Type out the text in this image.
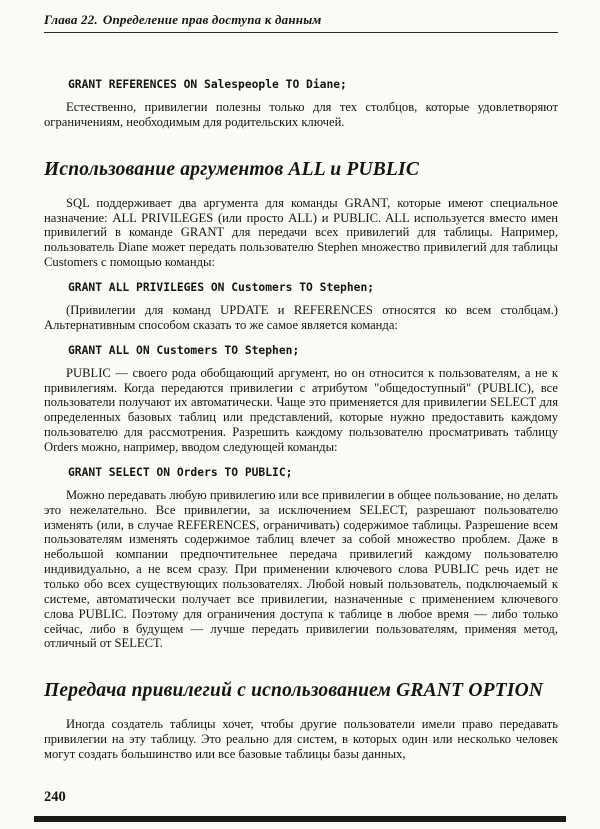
Глава 22. Определение прав доступа к данным
GRANT REFERENCES ON Salespeople TO Diane;

Естественно, привилегии полезны только для тех столбцов, которые удовлетворяют ограничениям, необходимым для родительских ключей.

Использование аргументов ALL и PUBLIC

SQL поддерживает два аргумента для команды GRANT, которые имеют специальное назначение: ALL PRIVILEGES (или просто ALL) и PUBLIC. ALL используется вместо имен привилегий в команде GRANT для передачи всех привилегий для таблицы. Например, пользователь Diane может передать пользователю Stephen множество привилегий для таблицы Customers с помощью команды:

GRANT ALL PRIVILEGES ON Customers TO Stephen;

(Привилегии для команд UPDATE и REFERENCES относятся ко всем столбцам.) Альтернативным способом сказать то же самое является команда:

GRANT ALL ON Customers TO Stephen;

PUBLIC — своего рода обобщающий аргумент, но он относится к пользователям, а не к привилегиям. Когда передаются привилегии с атрибутом "общедоступный" (PUBLIC), все пользователи получают их автоматически. Чаще это применяется для привилегии SELECT для определенных базовых таблиц или представлений, которые нужно предоставить каждому пользователю для рассмотрения. Разрешить каждому пользователю просматривать таблицу Orders можно, например, вводом следующей команды:

GRANT SELECT ON Orders TO PUBLIC;

Можно передавать любую привилегию или все привилегии в общее пользование, но делать это нежелательно. Все привилегии, за исключением SELECT, разрешают пользователю изменять (или, в случае REFERENCES, ограничивать) содержимое таблицы. Разрешение всем пользователям изменять содержимое таблиц влечет за собой множество проблем. Даже в небольшой компании предпочтительнее передача привилегий каждому пользователю индивидуально, а не всем сразу. При применении ключевого слова PUBLIC речь идет не только обо всех существующих пользователях. Любой новый пользователь, подключаемый к системе, автоматически получает все привилегии, назначенные с применением ключевого слова PUBLIC. Поэтому для ограничения доступа к таблице в любое время — либо только сейчас, либо в будущем — лучше передать привилегии пользователям, применяя метод, отличный от SELECT.

Передача привилегий с использованием GRANT OPTION

Иногда создатель таблицы хочет, чтобы другие пользователи имели право передавать привилегии на эту таблицу. Это реально для систем, в которых один или несколько человек могут создать большинство или все базовые таблицы базы данных,

240
